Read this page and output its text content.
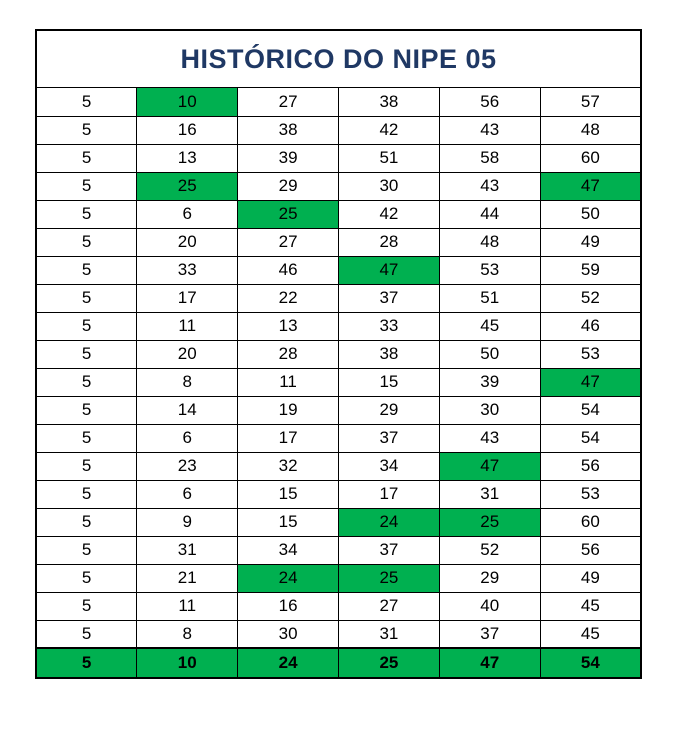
HISTÓRICO DO NIPE 05
5	10	27	38	56	57
5	16	38	42	43	48
5	13	39	51	58	60
5	25	29	30	43	47
5	6	25	42	44	50
5	20	27	28	48	49
5	33	46	47	53	59
5	17	22	37	51	52
5	11	13	33	45	46
5	20	28	38	50	53
5	8	11	15	39	47
5	14	19	29	30	54
5	6	17	37	43	54
5	23	32	34	47	56
5	6	15	17	31	53
5	9	15	24	25	60
5	31	34	37	52	56
5	21	24	25	29	49
5	11	16	27	40	45
5	8	30	31	37	45
5	10	24	25	47	54
